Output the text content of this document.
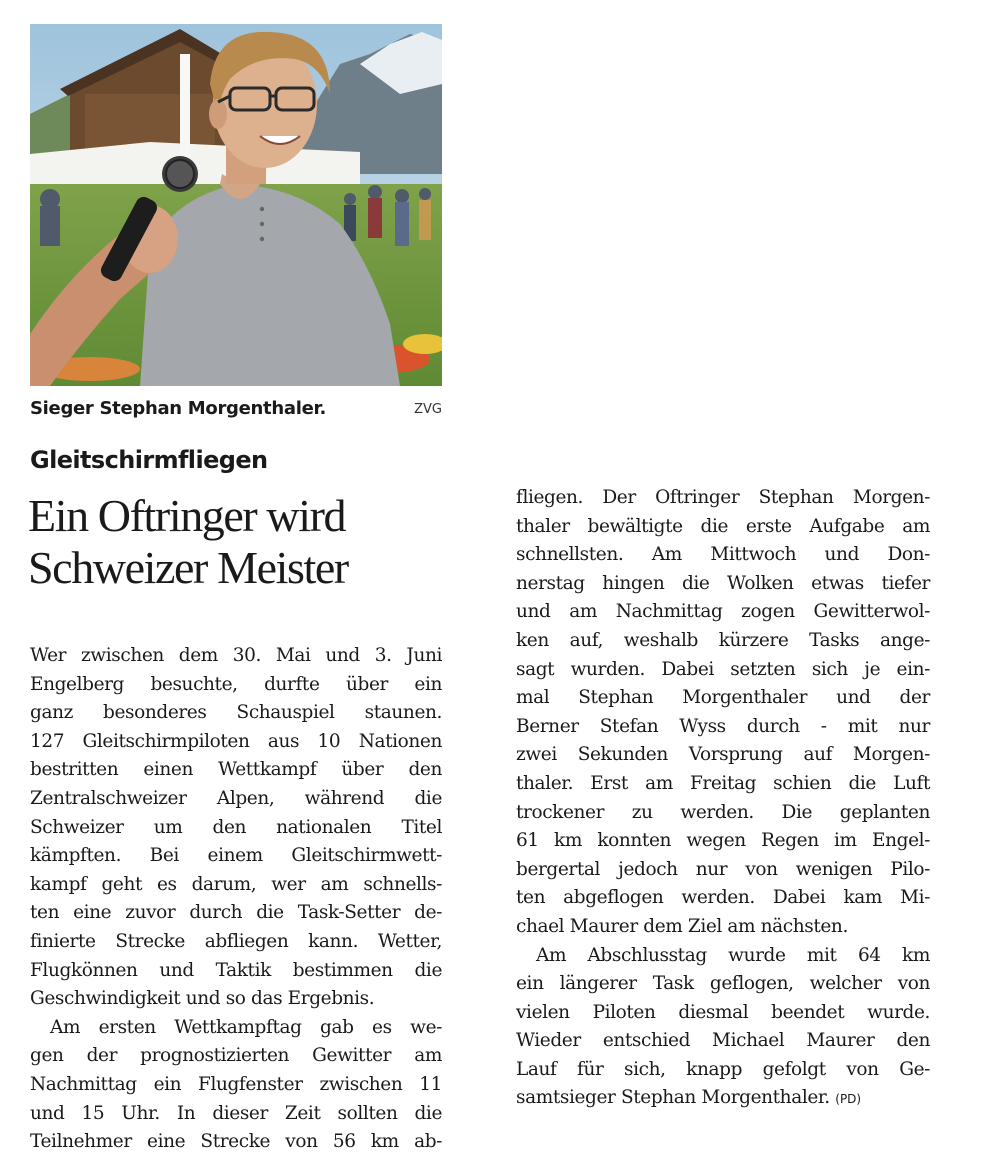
Sieger Stephan Morgenthaler.	ZVG
Gleitschirmfliegen
Ein Oftringer wird
Schweizer Meister
Wer zwischen dem 30. Mai und 3. Juni
Engelberg besuchte, durfte über ein
ganz besonderes Schauspiel staunen.
127 Gleitschirmpiloten aus 10 Nationen
bestritten einen Wettkampf über den
Zentralschweizer Alpen, während die
Schweizer um den nationalen Titel
kämpften. Bei einem Gleitschirmwett-
kampf geht es darum, wer am schnells-
ten eine zuvor durch die Task-Setter de-
finierte Strecke abfliegen kann. Wetter,
Flugkönnen und Taktik bestimmen die
Geschwindigkeit und so das Ergebnis.
Am ersten Wettkampftag gab es we-
gen der prognostizierten Gewitter am
Nachmittag ein Flugfenster zwischen 11
und 15 Uhr. In dieser Zeit sollten die
Teilnehmer eine Strecke von 56 km ab-
fliegen. Der Oftringer Stephan Morgen-
thaler bewältigte die erste Aufgabe am
schnellsten. Am Mittwoch und Don-
nerstag hingen die Wolken etwas tiefer
und am Nachmittag zogen Gewitterwol-
ken auf, weshalb kürzere Tasks ange-
sagt wurden. Dabei setzten sich je ein-
mal Stephan Morgenthaler und der
Berner Stefan Wyss durch - mit nur
zwei Sekunden Vorsprung auf Morgen-
thaler. Erst am Freitag schien die Luft
trockener zu werden. Die geplanten
61 km konnten wegen Regen im Engel-
bergertal jedoch nur von wenigen Pilo-
ten abgeflogen werden. Dabei kam Mi-
chael Maurer dem Ziel am nächsten.
Am Abschlusstag wurde mit 64 km
ein längerer Task geflogen, welcher von
vielen Piloten diesmal beendet wurde.
Wieder entschied Michael Maurer den
Lauf für sich, knapp gefolgt von Ge-
samtsieger Stephan Morgenthaler. (PD)
